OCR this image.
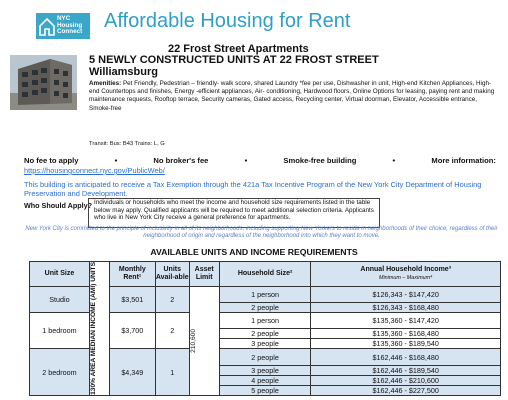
NYC
Housing
Connect Affordable Housing for Rent
22 Frost Street Apartments
5 NEWLY CONSTRUCTED UNITS AT 22 FROST STREET
Williamsburg
Amenities: Pet Friendly, Pedestrian – friendly- walk score, shared Laundry *fee per use, Dishwasher in unit, High-end Kitchen Appliances, High-end Countertops and finishes, Energy -efficient appliances, Air- conditioning, Hardwood floors, Online Options for leasing, paying rent and making maintenance requests, Rooftop terrace, Security cameras, Gated access, Recycling center, Virtual doorman, Elevator, Accessible entrance, Smoke-free
Transit: Bus: B43 Trains: L, G
No fee to apply	•	No broker's fee	•	Smoke-free building	•	More information:
https://housingconnect.nyc.gov/PublicWeb/
This building is anticipated to receive a Tax Exemption through the 421a Tax Incentive Program of the New York City Department of Housing Preservation and Development.
Who Should Apply? Individuals or households who meet the income and household size requirements listed in the table below may apply. Qualified applicants will be required to meet additional selection criteria. Applicants who live in New York City receive a general preference for apartments.
New York City is committed to the principle of inclusivity in all of its neighborhoods, including supporting New Yorkers to reside in neighborhoods of their choice, regardless of their neighborhood of origin and regardless of the neighborhood into which they want to move.
AVAILABLE UNITS AND INCOME REQUIREMENTS
Unit Size	130% AREA MEDIAN INCOME (AMI) UNITS	Monthly Rent¹	Units Avail-able	Asset Limit	Household Size²	Annual Household Income³
Minimum – Maximum⁴

Studio		$3,501	2	210,600	1 person	$126,343 - $147,420
					2 people	$126,343 - $168,480
1 bedroom		$3,700	2		1 person	$135,360 - $147,420
					2 people	$135,360 - $168,480
					3 people	$135,360 - $189,540
2 bedroom		$4,349	1		2 people	$162,446 - $168,480
					3 people	$162,446 - $189,540
					4 people	$162,446 - $210,600
					5 people	$162,446 - $227,500
